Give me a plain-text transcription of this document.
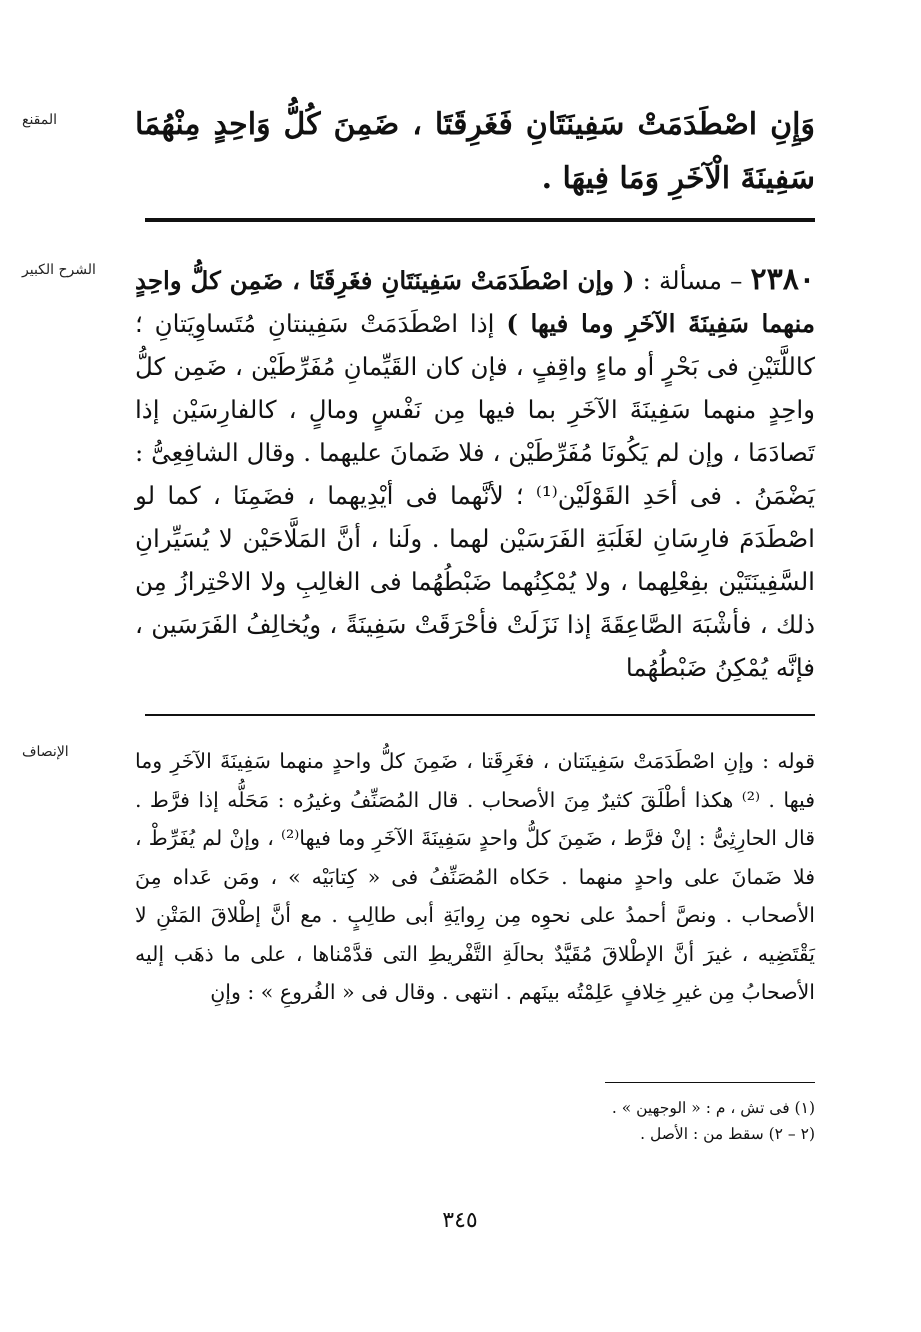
المقنع	وَإِنِ اصْطَدَمَتْ سَفِينَتَانِ فَغَرِقَتَا ، ضَمِنَ كُلُّ وَاحِدٍ مِنْهُمَا سَفِينَةَ الْآخَرِ وَمَا فِيهَا .

الشرح الكبير	٢٣٨٠ – مسألة : ( وإن اصْطَدَمَتْ سَفِينَتَانِ فغَرِقَتَا ، ضَمِن كلُّ واحِدٍ منهما سَفِينَةَ الآخَرِ وما فيها ) إذا اصْطَدَمَتْ سَفِينتانِ مُتَساوِيَتانِ ؛ كاللَّتَيْنِ فى بَحْرٍ أو ماءٍ واقِفٍ ، فإن كان القَيِّمانِ مُفَرِّطَيْن ، ضَمِن كلُّ واحِدٍ منهما سَفِينَةَ الآخَرِ بما فيها مِن نَفْسٍ ومالٍ ، كالفارِسَيْن إذا تَصادَمَا ، وإن لم يَكُونَا مُفَرِّطَيْن ، فلا ضَمانَ عليهما . وقال الشافِعِىُّ : يَضْمَنُ . فى أحَدِ القَوْلَيْن⁽¹⁾ ؛ لأنَّهما فى أيْدِيهما ، فضَمِنَا ، كما لو اصْطَدَمَ فارِسَانِ لغَلَبَةِ الفَرَسَيْن لهما . ولَنا ، أنَّ المَلَّاحَيْن لا يُسَيِّرانِ السَّفِينَتَيْن بفِعْلِهما ، ولا يُمْكِنُهما ضَبْطُهُما فى الغالِبِ ولا الاحْتِرازُ مِن ذلك ، فأشْبَهَ الصَّاعِقَةَ إذا نَزَلَتْ فأحْرَقَتْ سَفِينَةً ، ويُخالِفُ الفَرَسَين ، فإنَّه يُمْكِنُ ضَبْطُهُما

الإنصاف	قوله : وإنِ اصْطَدَمَتْ سَفِينَتان ، فغَرِقَتا ، ضَمِنَ كلُّ واحدٍ منهما سَفِينَةَ الآخَرِ وما فيها . ⁽²⁾ هكذا أطْلَقَ كثيرٌ مِنَ الأصحاب . قال المُصَنِّفُ وغيرُه : مَحَلُّه إذا فرَّط . قال الحارِثِىُّ : إنْ فرَّط ، ضَمِنَ كلُّ واحدٍ سَفِينَةَ الآخَرِ وما فيها⁽²⁾ ، وإنْ لم يُفَرِّطْ ، فلا ضَمانَ على واحدٍ منهما . حَكاه المُصَنِّفُ فى « كِتابَيْه » ، ومَن عَداه مِنَ الأصحاب . ونصَّ أحمدُ على نحوِه مِن رِوايَةِ أبى طالِبٍ . مع أنَّ إطْلاقَ المَتْنِ لا يَقْتَضِيه ، غيرَ أنَّ الإطْلاقَ مُقَيَّدٌ بحالَةِ التَّفْريطِ التى قدَّمْناها ، على ما ذهَب إليه الأصحابُ مِن غيرِ خِلافٍ عَلِمْتُه بينَهم . انتهى . وقال فى « الفُروعِ » : وإنِ

(١) فى تش ، م : « الوجهين » .
(٢ – ٢) سقط من : الأصل .
٣٤٥
